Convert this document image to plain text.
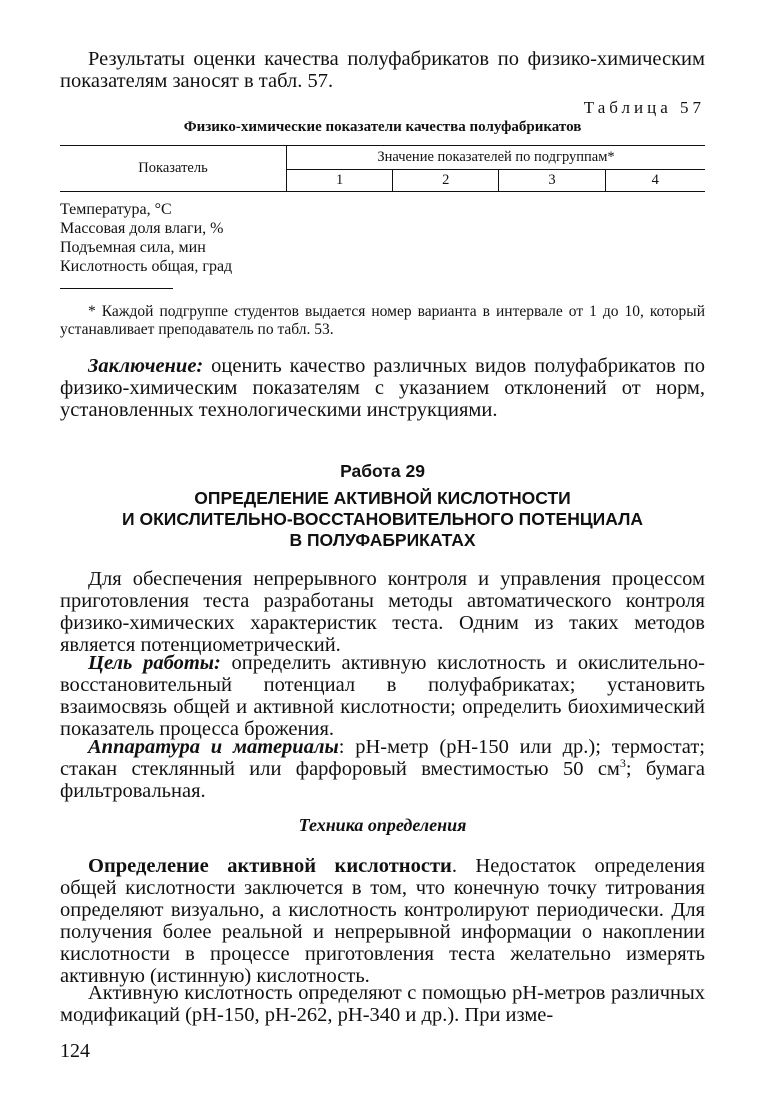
Результаты оценки качества полуфабрикатов по физико-химическим показателям заносят в табл. 57.
Таблица 57
Физико-химические показатели качества полуфабрикатов
Показатель	Значение показателей по подгруппам*			
	1	2	3	4
Температура, °С
Массовая доля влаги, %
Подъемная сила, мин
Кислотность общая, град
* Каждой подгруппе студентов выдается номер варианта в интервале от 1 до 10, который устанавливает преподаватель по табл. 53.
Заключение: оценить качество различных видов полуфабрикатов по физико-химическим показателям с указанием отклонений от норм, установленных технологическими инструкциями.
Работа 29
ОПРЕДЕЛЕНИЕ АКТИВНОЙ КИСЛОТНОСТИ
И ОКИСЛИТЕЛЬНО-ВОССТАНОВИТЕЛЬНОГО ПОТЕНЦИАЛА
В ПОЛУФАБРИКАТАХ
Для обеспечения непрерывного контроля и управления процессом приготовления теста разработаны методы автоматического контроля физико-химических характеристик теста. Одним из таких методов является потенциометрический.
Цель работы: определить активную кислотность и окислительно-восстановительный потенциал в полуфабрикатах; установить взаимосвязь общей и активной кислотности; определить биохимический показатель процесса брожения.
Аппаратура и материалы: рН-метр (рН-150 или др.); термостат; стакан стеклянный или фарфоровый вместимостью 50 $см^3$; бумага фильтровальная.
Техника определения
Определение активной кислотности. Недостаток определения общей кислотности заключется в том, что конечную точку титрования определяют визуально, а кислотность контролируют периодически. Для получения более реальной и непрерывной информации о накоплении кислотности в процессе приготовления теста желательно измерять активную (истинную) кислотность.
Активную кислотность определяют с помощью рН-метров различных модификаций (рН-150, рН-262, рН-340 и др.). При изме-
124
